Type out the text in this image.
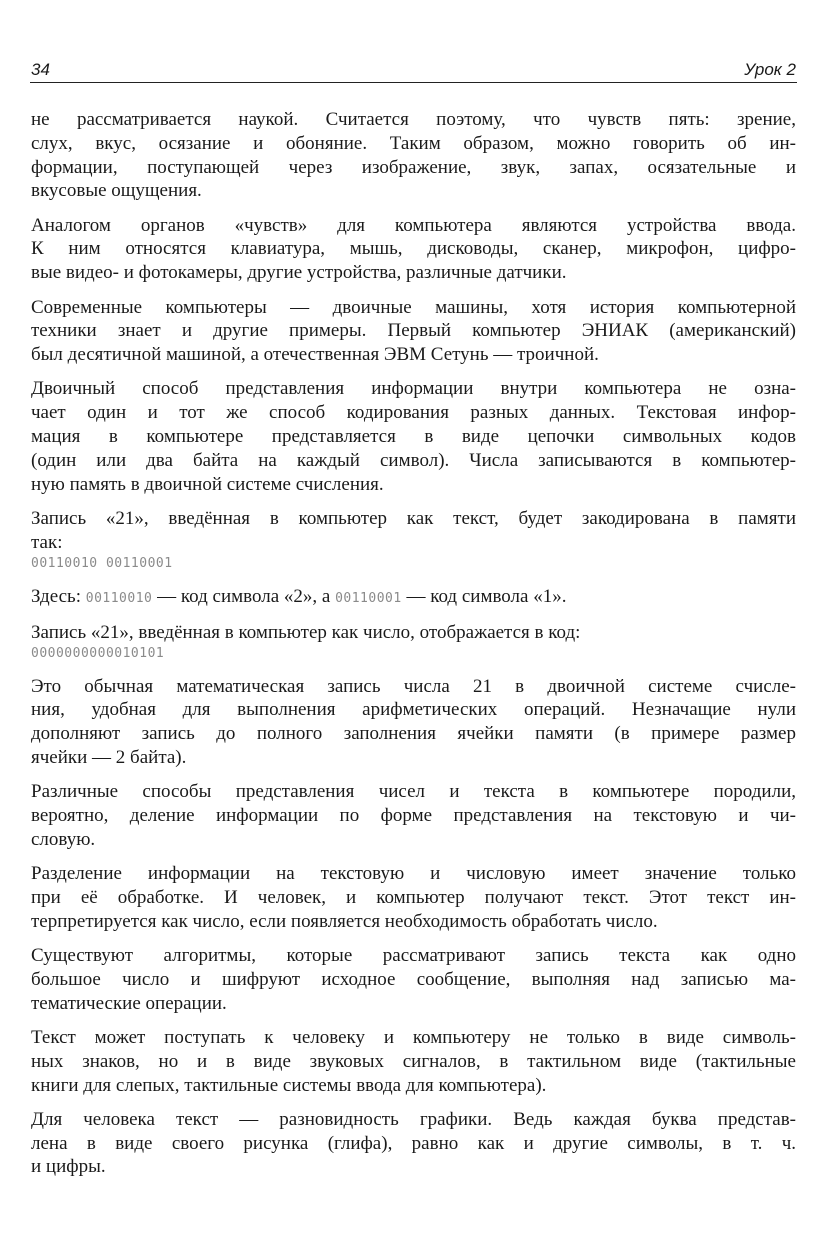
34	Урок 2
не рассматривается наукой. Считается поэтому, что чувств пять: зрение,
слух, вкус, осязание и обоняние. Таким образом, можно говорить об ин-
формации, поступающей через изображение, звук, запах, осязательные и
вкусовые ощущения.
Аналогом органов «чувств» для компьютера являются устройства ввода.
К ним относятся клавиатура, мышь, дисководы, сканер, микрофон, цифро-
вые видео- и фотокамеры, другие устройства, различные датчики.
Современные компьютеры — двоичные машины, хотя история компьютерной
техники знает и другие примеры. Первый компьютер ЭНИАК (американский)
был десятичной машиной, а отечественная ЭВМ Сетунь — троичной.
Двоичный способ представления информации внутри компьютера не озна-
чает один и тот же способ кодирования разных данных. Текстовая инфор-
мация в компьютере представляется в виде цепочки символьных кодов
(один или два байта на каждый символ). Числа записываются в компьютер-
ную память в двоичной системе счисления.
Запись «21», введённая в компьютер как текст, будет закодирована в памяти
так:
00110010 00110001
Здесь: 00110010 — код символа «2», а 00110001 — код символа «1».
Запись «21», введённая в компьютер как число, отображается в код:
0000000000010101
Это обычная математическая запись числа 21 в двоичной системе счисле-
ния, удобная для выполнения арифметических операций. Незначащие нули
дополняют запись до полного заполнения ячейки памяти (в примере размер
ячейки — 2 байта).
Различные способы представления чисел и текста в компьютере породили,
вероятно, деление информации по форме представления на текстовую и чи-
словую.
Разделение информации на текстовую и числовую имеет значение только
при её обработке. И человек, и компьютер получают текст. Этот текст ин-
терпретируется как число, если появляется необходимость обработать число.
Существуют алгоритмы, которые рассматривают запись текста как одно
большое число и шифруют исходное сообщение, выполняя над записью ма-
тематические операции.
Текст может поступать к человеку и компьютеру не только в виде символь-
ных знаков, но и в виде звуковых сигналов, в тактильном виде (тактильные
книги для слепых, тактильные системы ввода для компьютера).
Для человека текст — разновидность графики. Ведь каждая буква представ-
лена в виде своего рисунка (глифа), равно как и другие символы, в т. ч.
и цифры.
